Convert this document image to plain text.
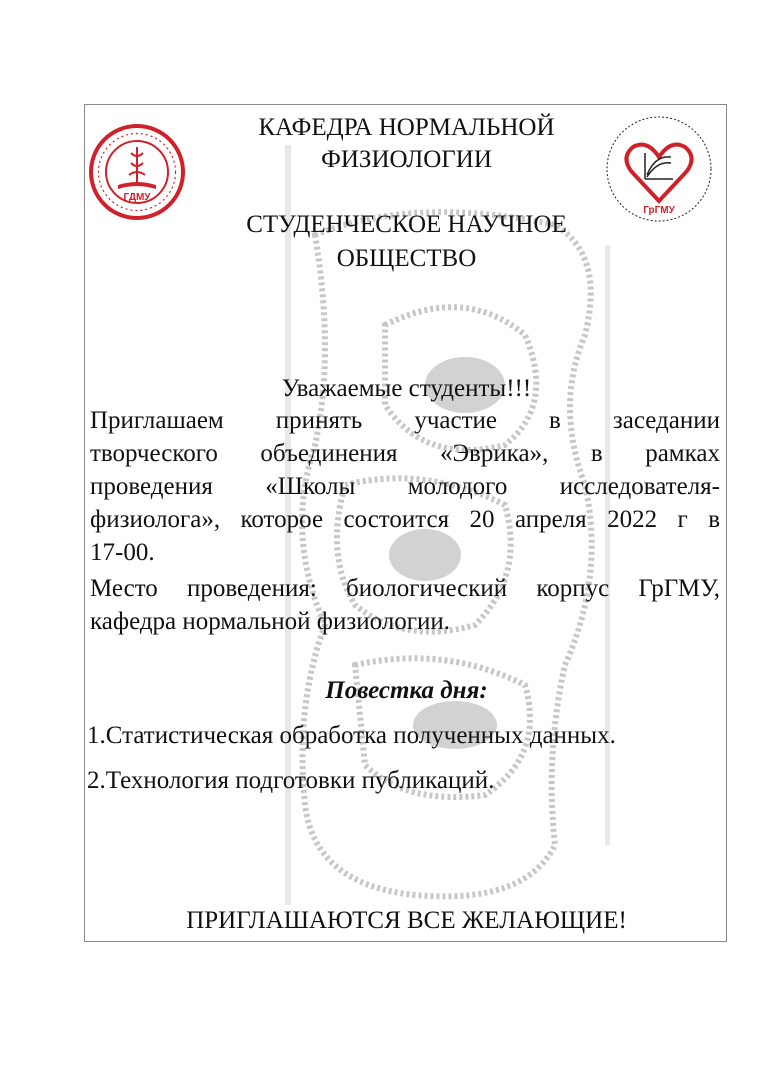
ГДМУ
ГрГМУ
КАФЕДРА НОРМАЛЬНОЙ
ФИЗИОЛОГИИ
СТУДЕНЧЕСКОЕ НАУЧНОЕ
ОБЩЕСТВО

Уважаемые студенты!!!

Приглашаем принять участие в заседании

творческого объединения «Эврика», в рамках

проведения «Школы молодого исследователя-

физиолога», которое состоится 20 апреля 2022 г в

17-00.

Место проведения: биологический корпус ГрГМУ,

кафедра нормальной физиологии.

Повестка дня:

1.Статистическая обработка полученных данных.

2.Технология подготовки публикаций.

ПРИГЛАШАЮТСЯ ВСЕ ЖЕЛАЮЩИЕ!
